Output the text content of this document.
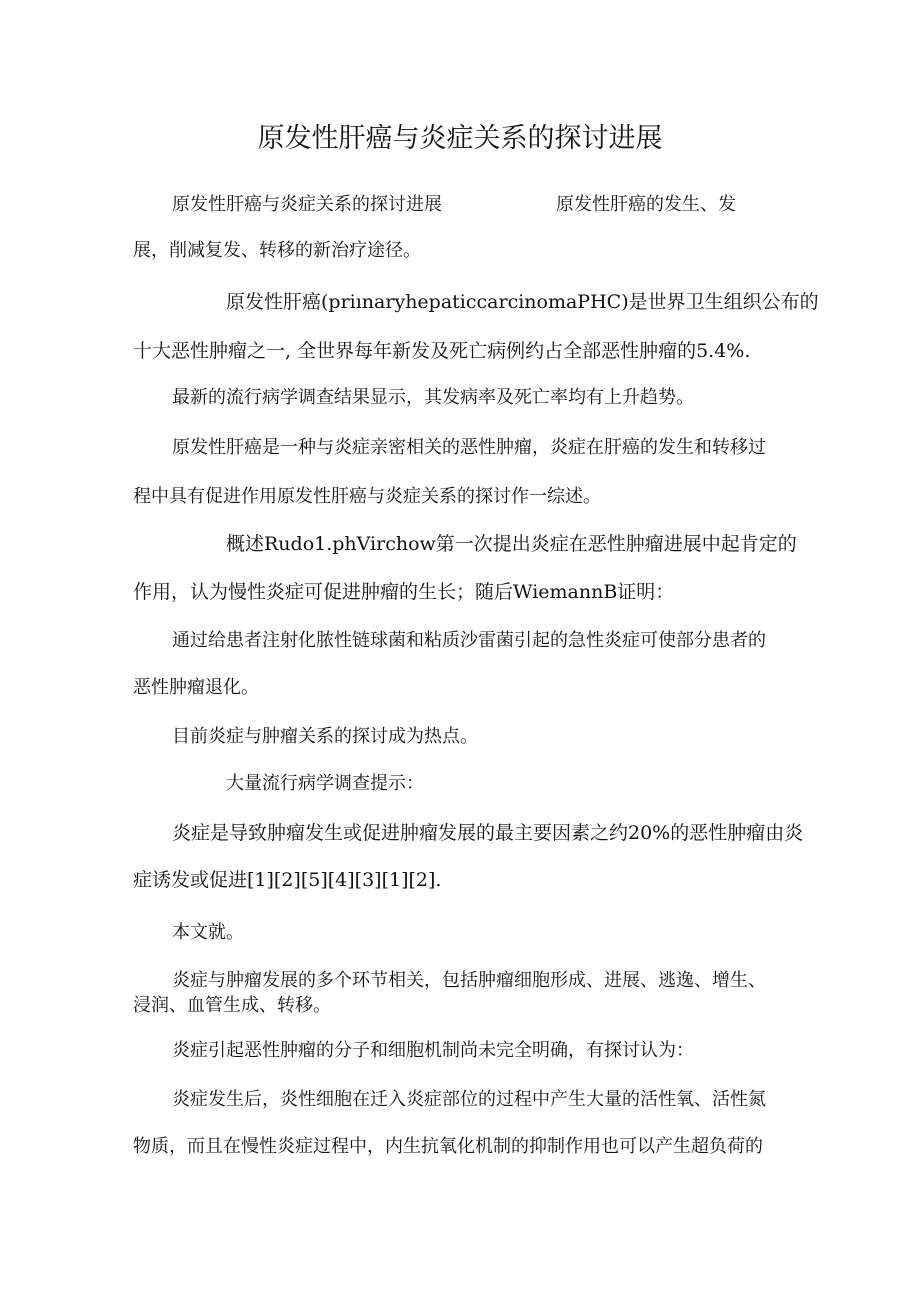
原发性肝癌与炎症关系的探讨进展

原发性肝癌与炎症关系的探讨进展	原发性肝癌的发生、发

展，削减复发、转移的新治疗途径。

原发性肝癌(priınaryhepaticcarcinomaPHC)是世界卫生组织公布的

十大恶性肿瘤之一, 全世界每年新发及死亡病例约占全部恶性肿瘤的5.4%.

最新的流行病学调查结果显示，其发病率及死亡率均有上升趋势。

原发性肝癌是一种与炎症亲密相关的恶性肿瘤，炎症在肝癌的发生和转移过

程中具有促进作用原发性肝癌与炎症关系的探讨作一综述。

概述Rudo1.phVirchow第一次提出炎症在恶性肿瘤进展中起肯定的

作用，认为慢性炎症可促进肿瘤的生长；随后WiemannB证明：

通过给患者注射化脓性链球菌和粘质沙雷菌引起的急性炎症可使部分患者的

恶性肿瘤退化。

目前炎症与肿瘤关系的探讨成为热点。

大量流行病学调查提示：

炎症是导致肿瘤发生或促进肿瘤发展的最主要因素之约20%的恶性肿瘤由炎

症诱发或促进[1][2][5][4][3][1][2].

本文就。

炎症与肿瘤发展的多个环节相关，包括肿瘤细胞形成、进展、逃逸、增生、

浸润、血管生成、转移。

炎症引起恶性肿瘤的分子和细胞机制尚未完全明确，有探讨认为：

炎症发生后，炎性细胞在迁入炎症部位的过程中产生大量的活性氧、活性氮

物质，而且在慢性炎症过程中，内生抗氧化机制的抑制作用也可以产生超负荷的
